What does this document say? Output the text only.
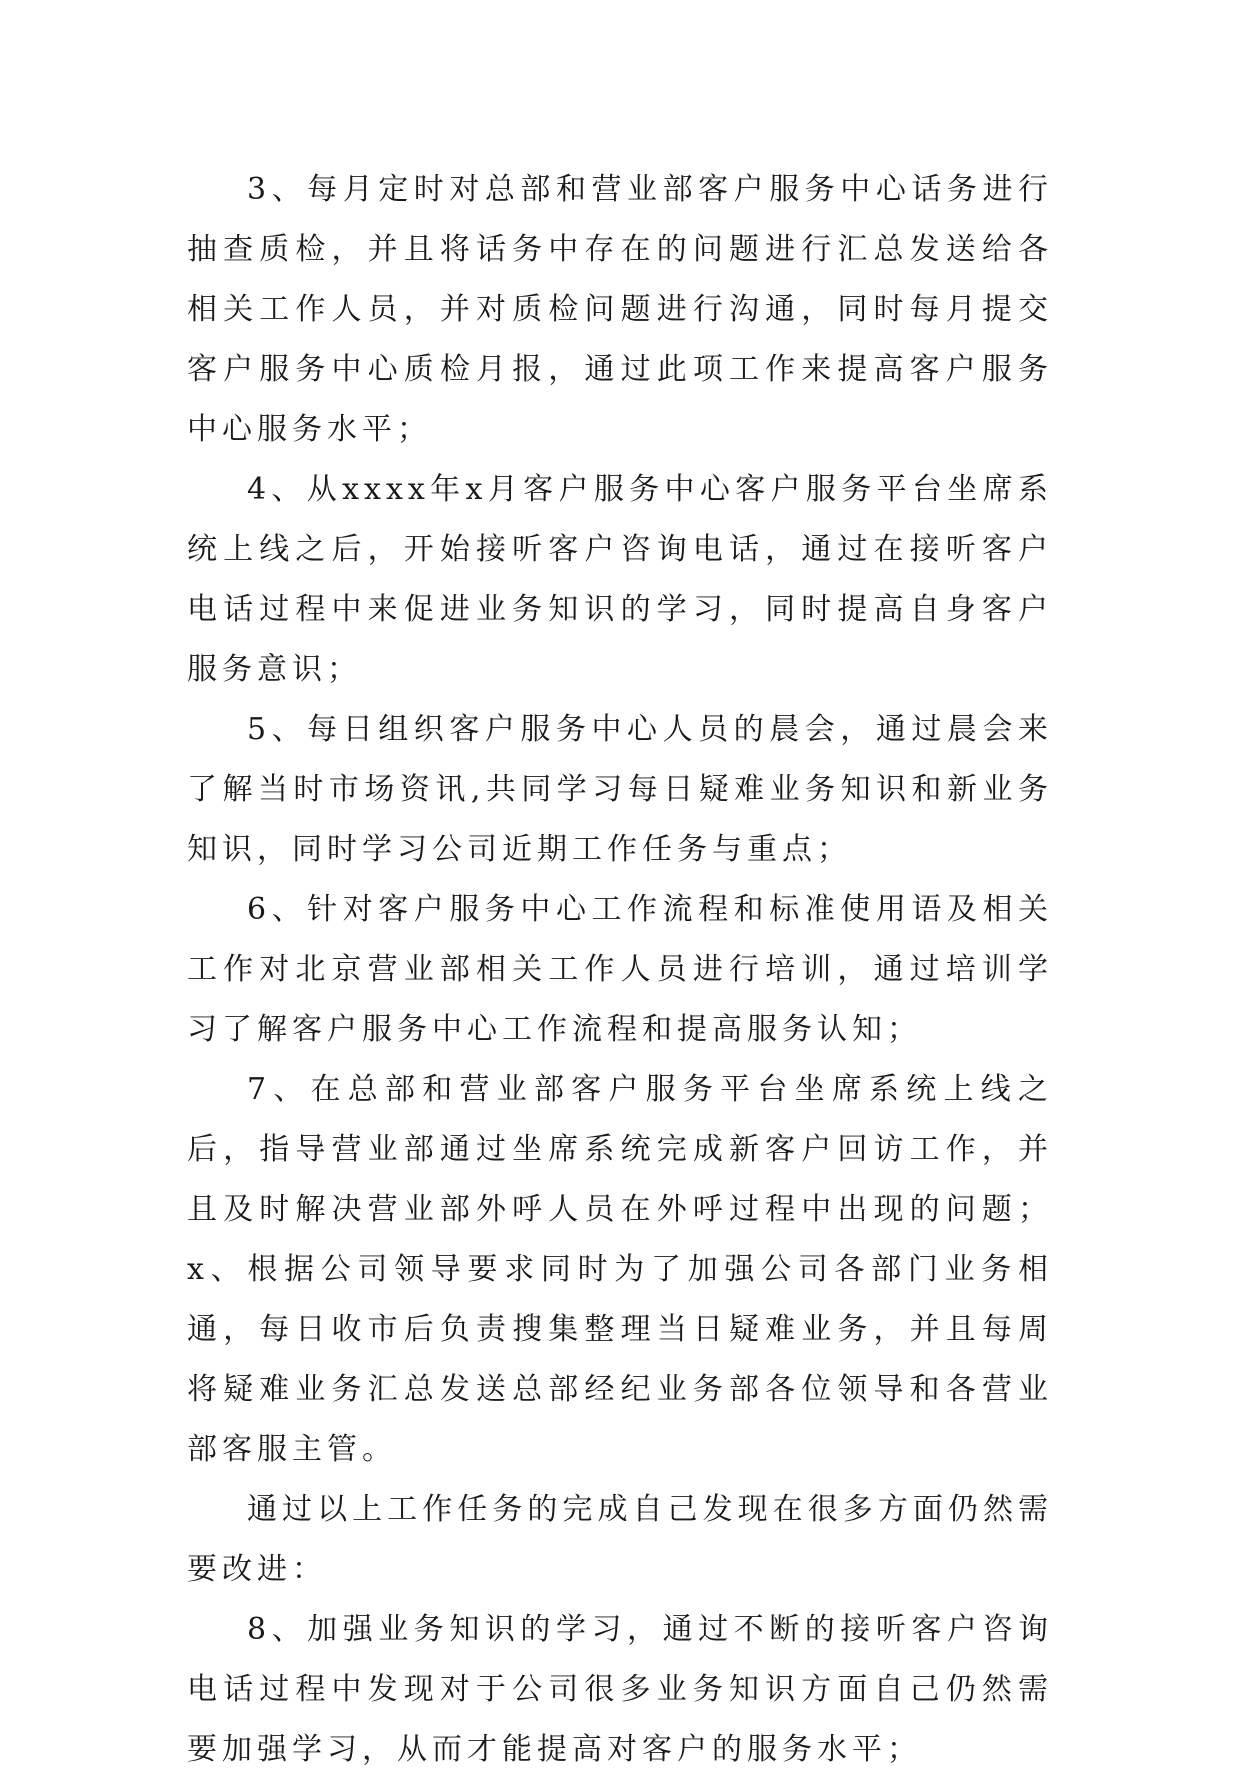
3、每月定时对总部和营业部客户服务中心话务进行抽查质检，并且将话务中存在的问题进行汇总发送给各相关工作人员，并对质检问题进行沟通，同时每月提交客户服务中心质检月报，通过此项工作来提高客户服务中心服务水平；

4、从xxxx年x月客户服务中心客户服务平台坐席系统上线之后，开始接听客户咨询电话，通过在接听客户电话过程中来促进业务知识的学习，同时提高自身客户服务意识；

5、每日组织客户服务中心人员的晨会，通过晨会来了解当时市场资讯,共同学习每日疑难业务知识和新业务知识，同时学习公司近期工作任务与重点；

6、针对客户服务中心工作流程和标准使用语及相关工作对北京营业部相关工作人员进行培训，通过培训学习了解客户服务中心工作流程和提高服务认知；

7、在总部和营业部客户服务平台坐席系统上线之后，指导营业部通过坐席系统完成新客户回访工作，并且及时解决营业部外呼人员在外呼过程中出现的问题；x、根据公司领导要求同时为了加强公司各部门业务相通，每日收市后负责搜集整理当日疑难业务，并且每周将疑难业务汇总发送总部经纪业务部各位领导和各营业部客服主管。

通过以上工作任务的完成自己发现在很多方面仍然需要改进：

8、加强业务知识的学习，通过不断的接听客户咨询电话过程中发现对于公司很多业务知识方面自己仍然需要加强学习，从而才能提高对客户的服务水平；
